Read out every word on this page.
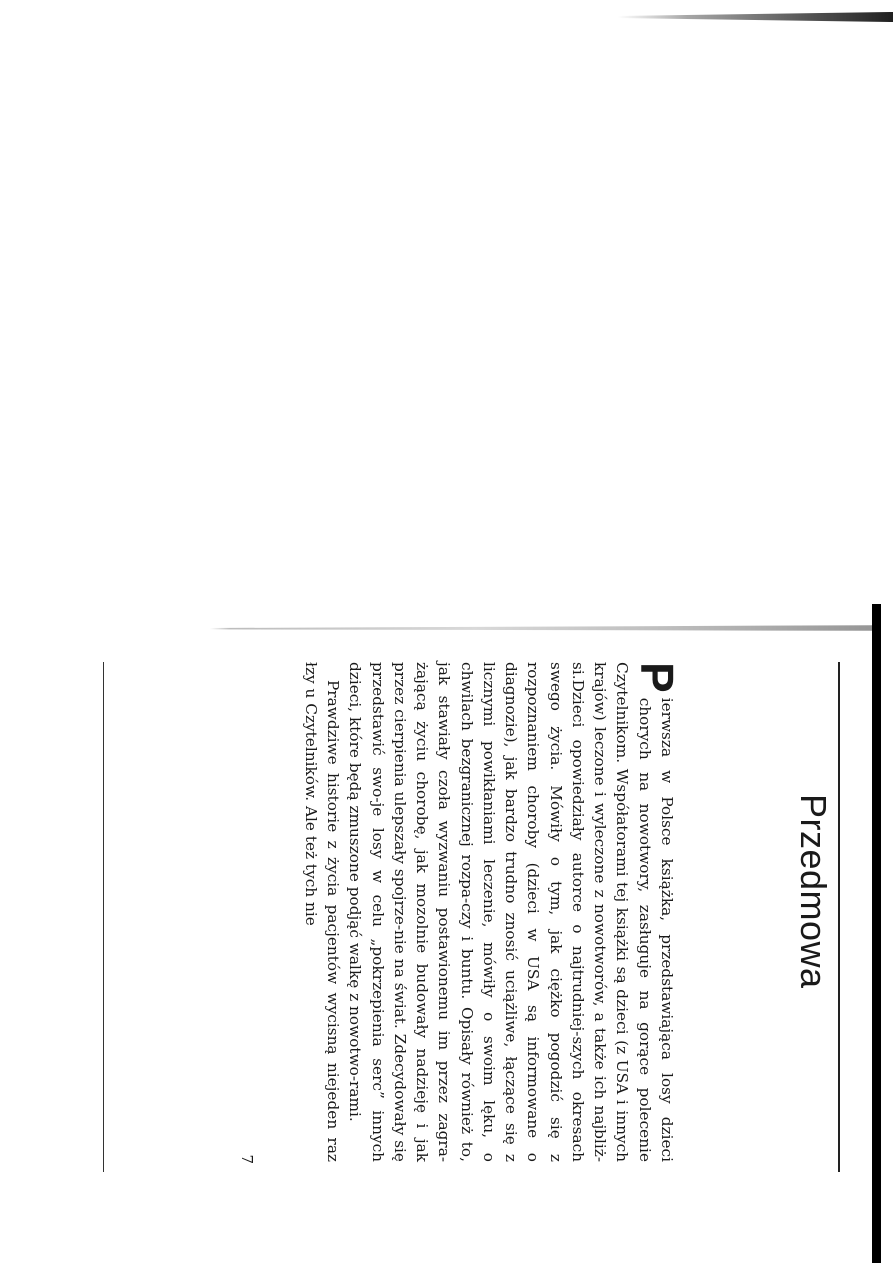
Przedmowa

P
ierwsza w Polsce książka, przedstawiająca losy dzieci chorych na nowotwory, zasługuje na gorące polecenie Czytelnikom. Współatorami tej książki są dzieci (z USA i innych krajów) leczone i wyleczone z nowotworów, a także ich najbliż-si.Dzieci opowiedziały autorce o najtrudniej-szych okresach swego życia. Mówiły o tym, jak ciężko pogodzić się z rozpoznaniem choroby (dzieci w USA są informowane o diagnozie), jak bardzo trudno znosić uciążliwe, łączące się z licznymi powikłaniami leczenie, mówiły o swoim lęku, o chwilach bezgranicznej rozpa-czy i buntu. Opisały również to, jak stawiały czoła wyzwaniu postawionemu im przez zagra-żającą życiu chorobę, jak mozolnie budowały nadzieję i jak przez cierpienia ulepszały spojrze-nie na świat. Zdecydowały się przedstawić swo-je losy w celu „pokrzepienia serc” innych dzieci, które będą zmuszone podjąć walkę z nowotwo-rami.

Prawdziwe historie z życia pacjentów wycisną niejeden raz łzy u Czytelników. Ale też tych nie

7
